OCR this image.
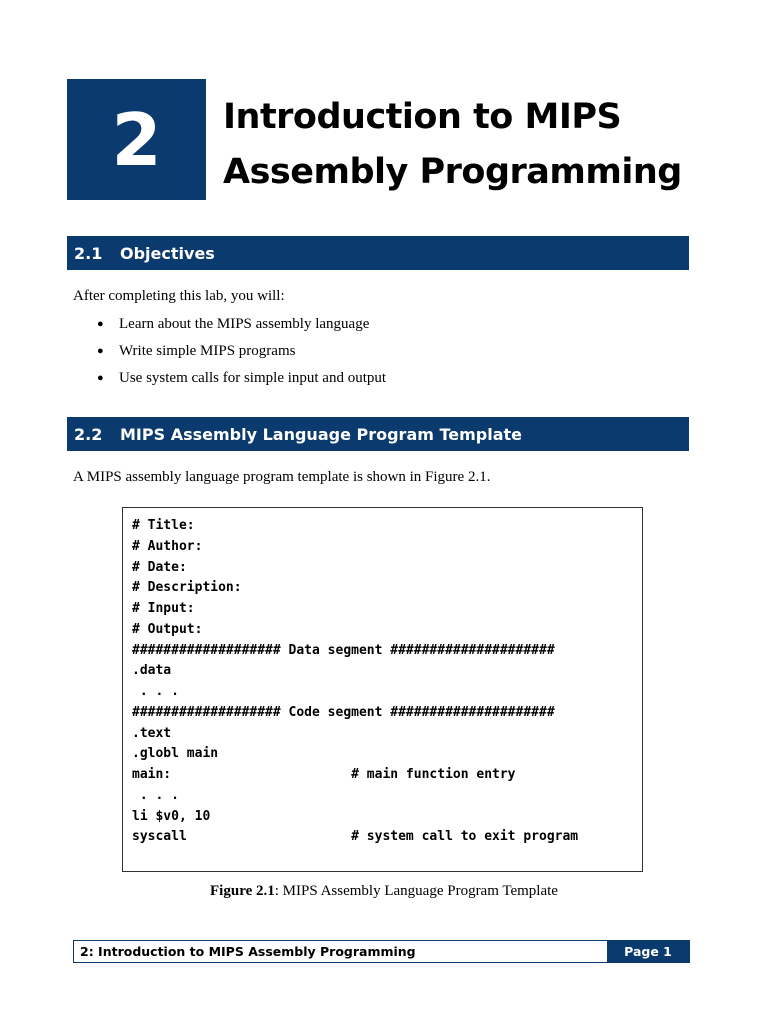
2 Introduction to MIPS
Assembly Programming
2.1	Objectives
After completing this lab, you will:
●	Learn about the MIPS assembly language
●	Write simple MIPS programs
●	Use system calls for simple input and output
2.2	MIPS Assembly Language Program Template
A MIPS assembly language program template is shown in Figure 2.1.
# Title:
# Author:
# Date:
# Description:
# Input:
# Output:
################### Data segment #####################
.data
. . .
################### Code segment #####################
.text
.globl main
main:                       # main function entry
. . .
li $v0, 10
syscall                     # system call to exit program
Figure 2.1: MIPS Assembly Language Program Template
2: Introduction to MIPS Assembly Programming	Page 1
